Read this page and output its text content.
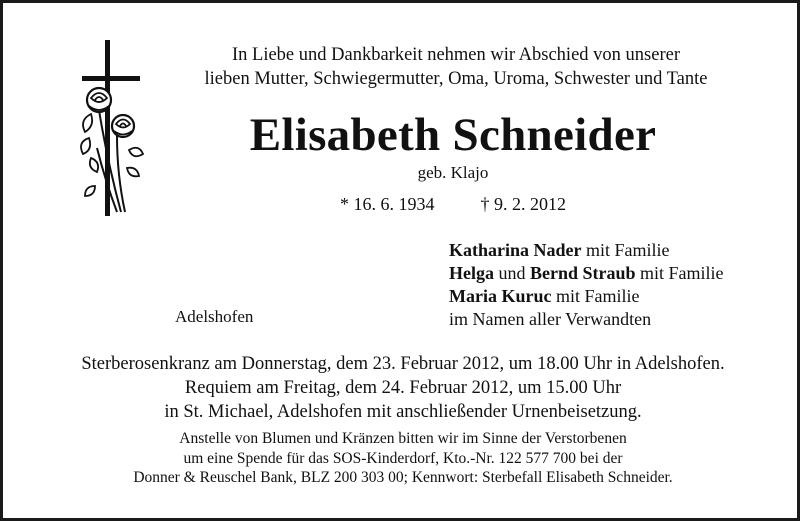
In Liebe und Dankbarkeit nehmen wir Abschied von unserer
lieben Mutter, Schwiegermutter, Oma, Uroma, Schwester und Tante
Elisabeth Schneider
geb. Klajo
* 16. 6. 1934	† 9. 2. 2012
Katharina Nader mit Familie
Helga und Bernd Straub mit Familie
Maria Kuruc mit Familie
im Namen aller Verwandten
Adelshofen
Sterberosenkranz am Donnerstag, dem 23. Februar 2012, um 18.00 Uhr in Adelshofen.
Requiem am Freitag, dem 24. Februar 2012, um 15.00 Uhr
in St. Michael, Adelshofen mit anschließender Urnenbeisetzung.
Anstelle von Blumen und Kränzen bitten wir im Sinne der Verstorbenen
um eine Spende für das SOS-Kinderdorf, Kto.-Nr. 122 577 700 bei der
Donner & Reuschel Bank, BLZ 200 303 00; Kennwort: Sterbefall Elisabeth Schneider.
